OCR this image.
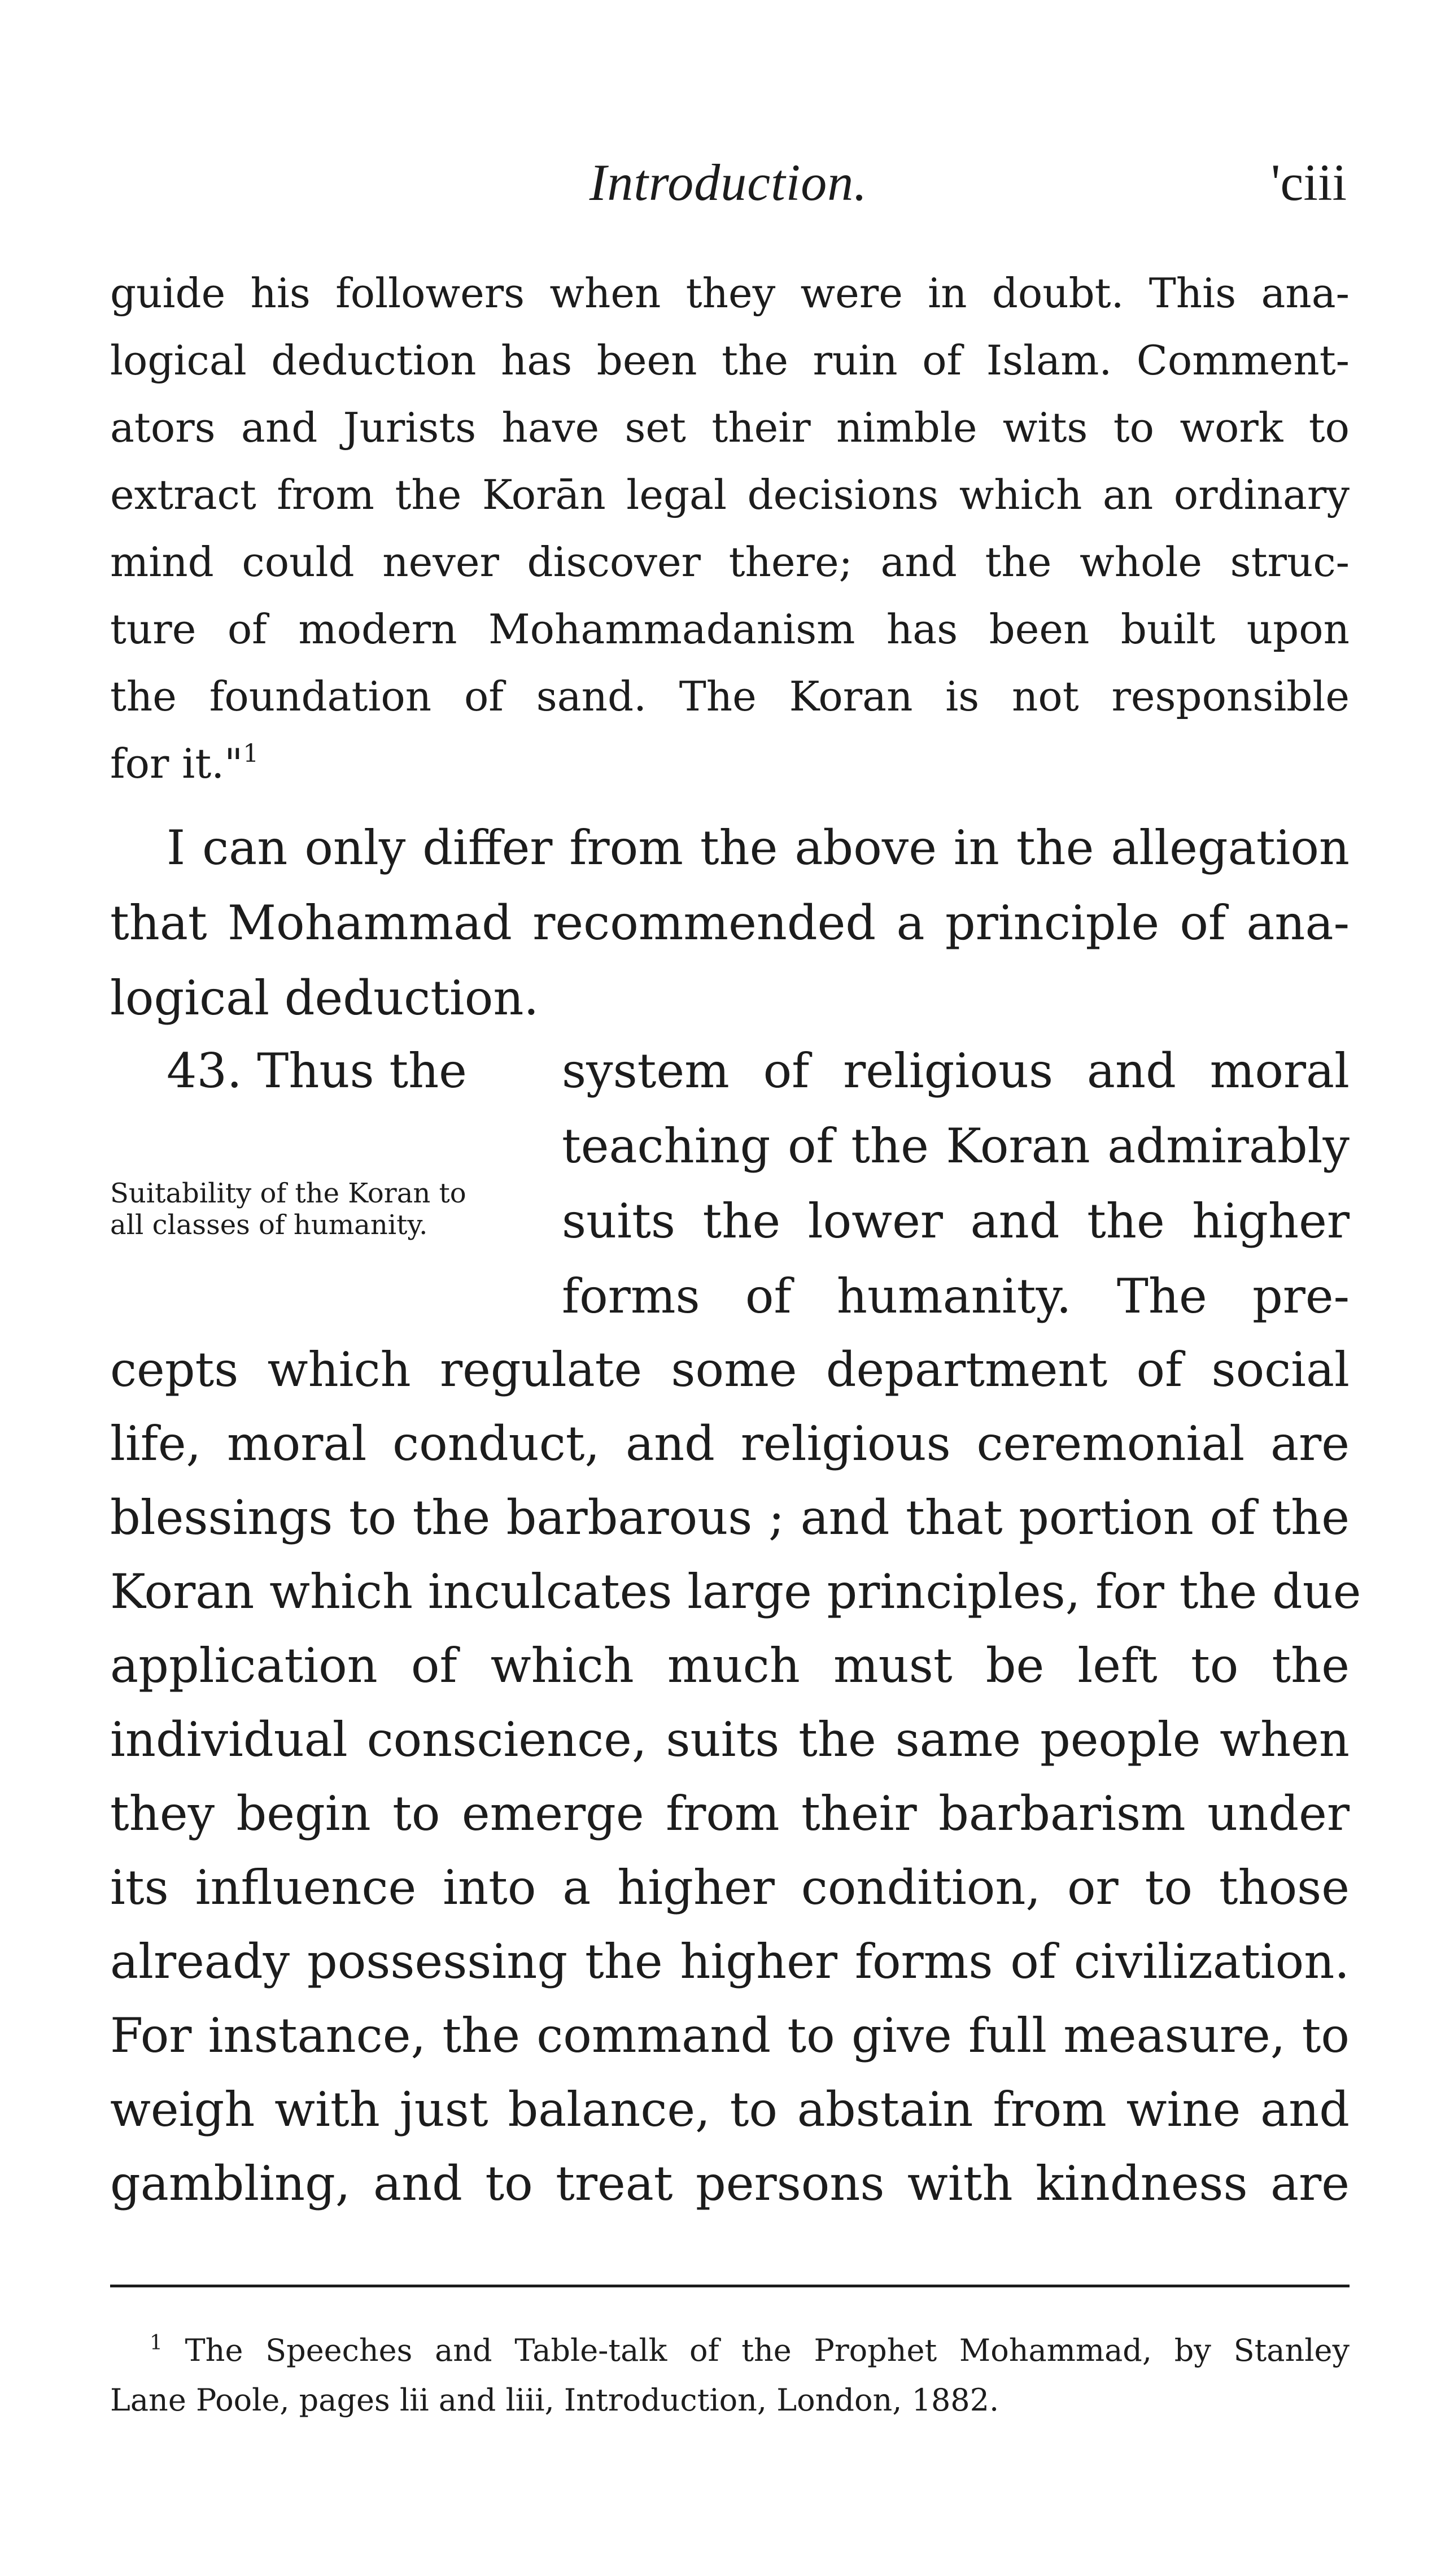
Introduction.	'ciii
guide his followers when they were in doubt. This ana-
logical deduction has been the ruin of Islam. Comment-
ators and Jurists have set their nimble wits to work to
extract from the Korān legal decisions which an ordinary
mind could never discover there; and the whole struc-
ture of modern Mohammadanism has been built upon
the foundation of sand. The Koran is not responsible
for it."$^1$
I can only differ from the above in the allegation
that Mohammad recommended a principle of ana-
logical deduction.
43. Thus the	system of religious and moral
teaching of the Koran admirably
suits the lower and the higher
forms of humanity. The pre-
Suitability of the Koran to all classes of humanity.
cepts which regulate some department of social
life, moral conduct, and religious ceremonial are
blessings to the barbarous ; and that portion of the
Koran which inculcates large principles, for the due
application of which much must be left to the
individual conscience, suits the same people when
they begin to emerge from their barbarism under
its influence into a higher condition, or to those
already possessing the higher forms of civilization.
For instance, the command to give full measure, to
weigh with just balance, to abstain from wine and
gambling, and to treat persons with kindness are
$^1$ The Speeches and Table-talk of the Prophet Mohammad, by Stanley
Lane Poole, pages lii and liii, Introduction, London, 1882.
